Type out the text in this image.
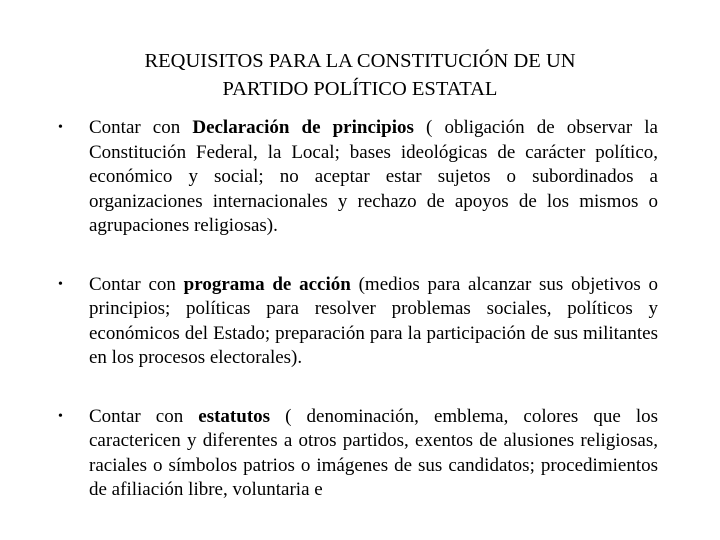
REQUISITOS PARA LA CONSTITUCIÓN DE UN
PARTIDO POLÍTICO ESTATAL
•	Contar con Declaración de principios ( obligación de observar la Constitución Federal, la Local; bases ideológicas de carácter político, económico y social; no aceptar estar sujetos o subordinados a organizaciones internacionales y rechazo de apoyos de los mismos o agrupaciones religiosas).
•	Contar con programa de acción (medios para alcanzar sus objetivos o principios; políticas para resolver problemas sociales, políticos y económicos del Estado; preparación para la participación de sus militantes en los procesos electorales).
•	Contar con estatutos ( denominación, emblema, colores que los caractericen y diferentes a otros partidos, exentos de alusiones religiosas, raciales o símbolos patrios o imágenes de sus candidatos; procedimientos de afiliación libre, voluntaria e
